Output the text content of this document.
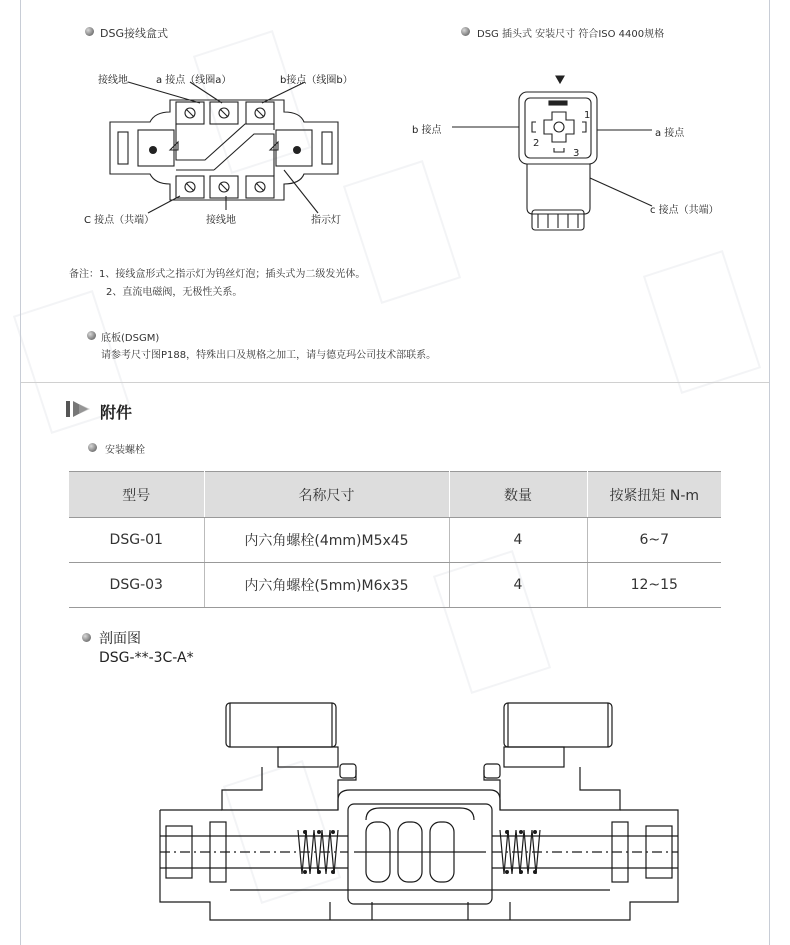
DSG接线盒式
接线地	a 接点（线圈a）	b接点（线圈b）
C 接点（共端）	接线地	指示灯
DSG 插头式 安装尺寸 符合ISO 4400规格
b 接点	a 接点
c 接点（共端）
1
2
3
备注：1、接线盒形式之指示灯为钨丝灯泡；插头式为二级发光体。
2、直流电磁阀，无极性关系。
底板(DSGM)
请参考尺寸图P188，特殊出口及规格之加工，请与德克玛公司技术部联系。
附件
安装螺栓
型号	名称尺寸	数量	按紧扭矩 N-m
DSG-01	内六角螺栓(4mm)M5x45	4	6~7
DSG-03	内六角螺栓(5mm)M6x35	4	12~15
剖面图
DSG-**-3C-A*
